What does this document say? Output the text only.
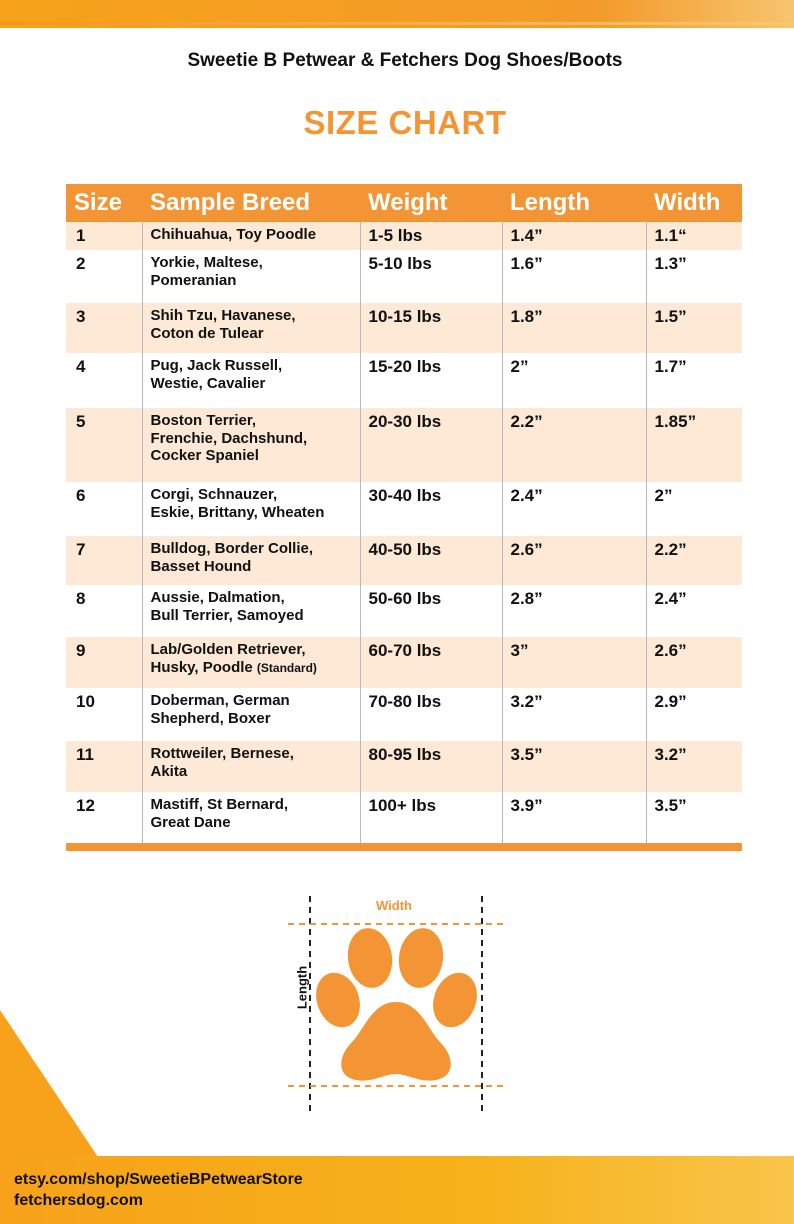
Sweetie B Petwear & Fetchers Dog Shoes/Boots
SIZE CHART
Size	Sample Breed	Weight	Length	Width
1	Chihuahua, Toy Poodle	1-5 lbs	1.4”	1.1“
2	Yorkie, Maltese,
Pomeranian	5-10 lbs	1.6”	1.3”
3	Shih Tzu, Havanese,
Coton de Tulear	10-15 lbs	1.8”	1.5”
4	Pug, Jack Russell,
Westie, Cavalier	15-20 lbs	2”	1.7”
5	Boston Terrier,
Frenchie, Dachshund,
Cocker Spaniel	20-30 lbs	2.2”	1.85”
6	Corgi, Schnauzer,
Eskie, Brittany, Wheaten	30-40 lbs	2.4”	2”
7	Bulldog, Border Collie,
Basset Hound	40-50 lbs	2.6”	2.2”
8	Aussie, Dalmation,
Bull Terrier, Samoyed	50-60 lbs	2.8”	2.4”
9	Lab/Golden Retriever,
Husky, Poodle (Standard)	60-70 lbs	3”	2.6”
10	Doberman, German
Shepherd, Boxer	70-80 lbs	3.2”	2.9”
11	Rottweiler, Bernese,
Akita	80-95 lbs	3.5”	3.2”
12	Mastiff, St Bernard,
Great Dane	100+ lbs	3.9”	3.5”
Width
Length
etsy.com/shop/SweetieBPetwearStore
fetchersdog.com
